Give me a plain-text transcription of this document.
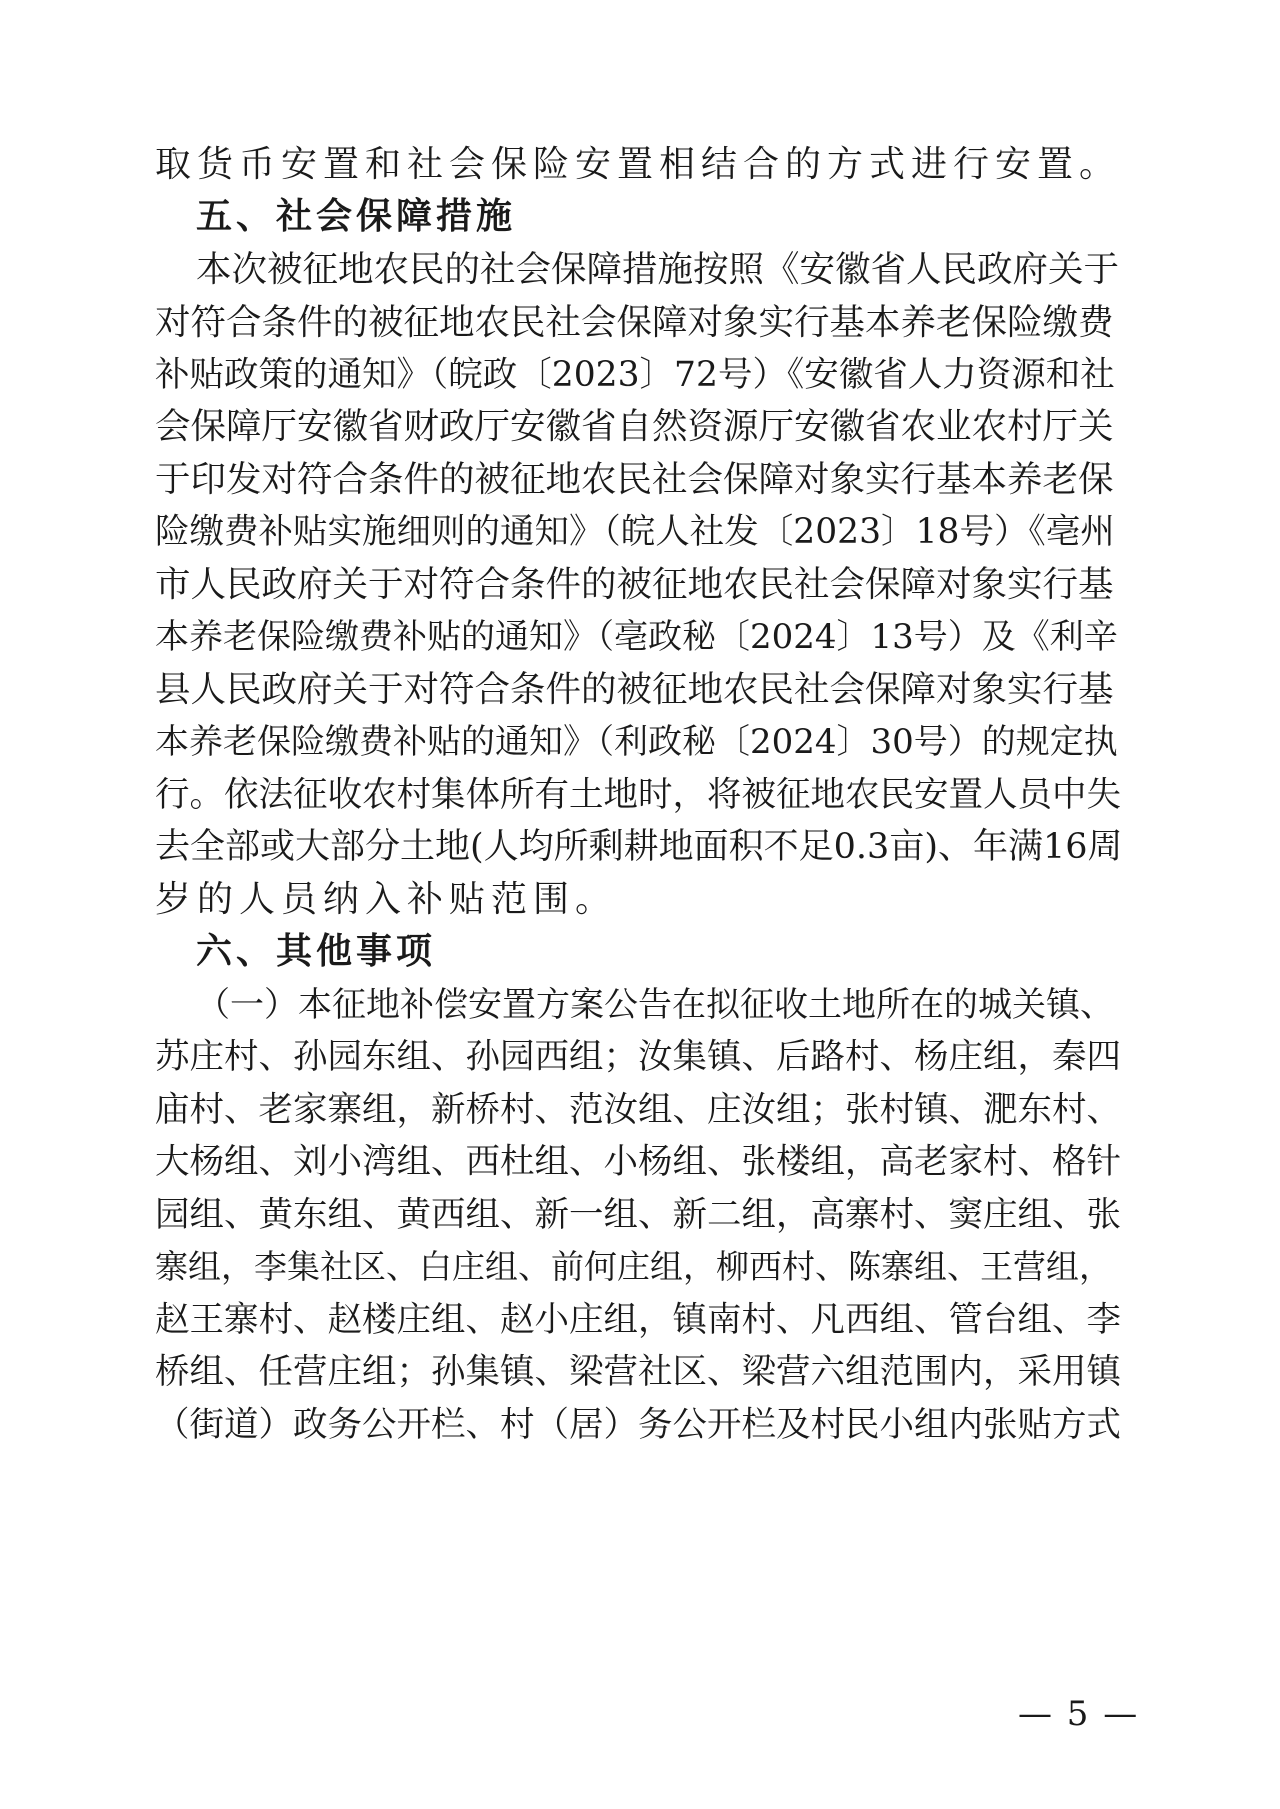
取货币安置和社会保险安置相结合的方式进行安置。
五、社会保障措施
本次被征地农民的社会保障措施按照《安徽省人民政府关于
对符合条件的被征地农民社会保障对象实行基本养老保险缴费
补贴政策的通知》（皖政〔2023〕72号）《安徽省人力资源和社
会保障厅安徽省财政厅安徽省自然资源厅安徽省农业农村厅关
于印发对符合条件的被征地农民社会保障对象实行基本养老保
险缴费补贴实施细则的通知》（皖人社发〔2023〕18号）《亳州
市人民政府关于对符合条件的被征地农民社会保障对象实行基
本养老保险缴费补贴的通知》（亳政秘〔2024〕13号）及《利辛
县人民政府关于对符合条件的被征地农民社会保障对象实行基
本养老保险缴费补贴的通知》（利政秘〔2024〕30号）的规定执
行。依法征收农村集体所有土地时，将被征地农民安置人员中失
去全部或大部分土地(人均所剩耕地面积不足0.3亩)、年满16周
岁的人员纳入补贴范围。
六、其他事项
（一）本征地补偿安置方案公告在拟征收土地所在的城关镇、
苏庄村、孙园东组、孙园西组；汝集镇、后路村、杨庄组，秦四
庙村、老家寨组，新桥村、范汝组、庄汝组；张村镇、淝东村、
大杨组、刘小湾组、西杜组、小杨组、张楼组，高老家村、格针
园组、黄东组、黄西组、新一组、新二组，高寨村、窦庄组、张
寨组，李集社区、白庄组、前何庄组，柳西村、陈寨组、王营组，
赵王寨村、赵楼庄组、赵小庄组，镇南村、凡西组、管台组、李
桥组、任营庄组；孙集镇、梁营社区、梁营六组范围内，采用镇
（街道）政务公开栏、村（居）务公开栏及村民小组内张贴方式
— 5 —
